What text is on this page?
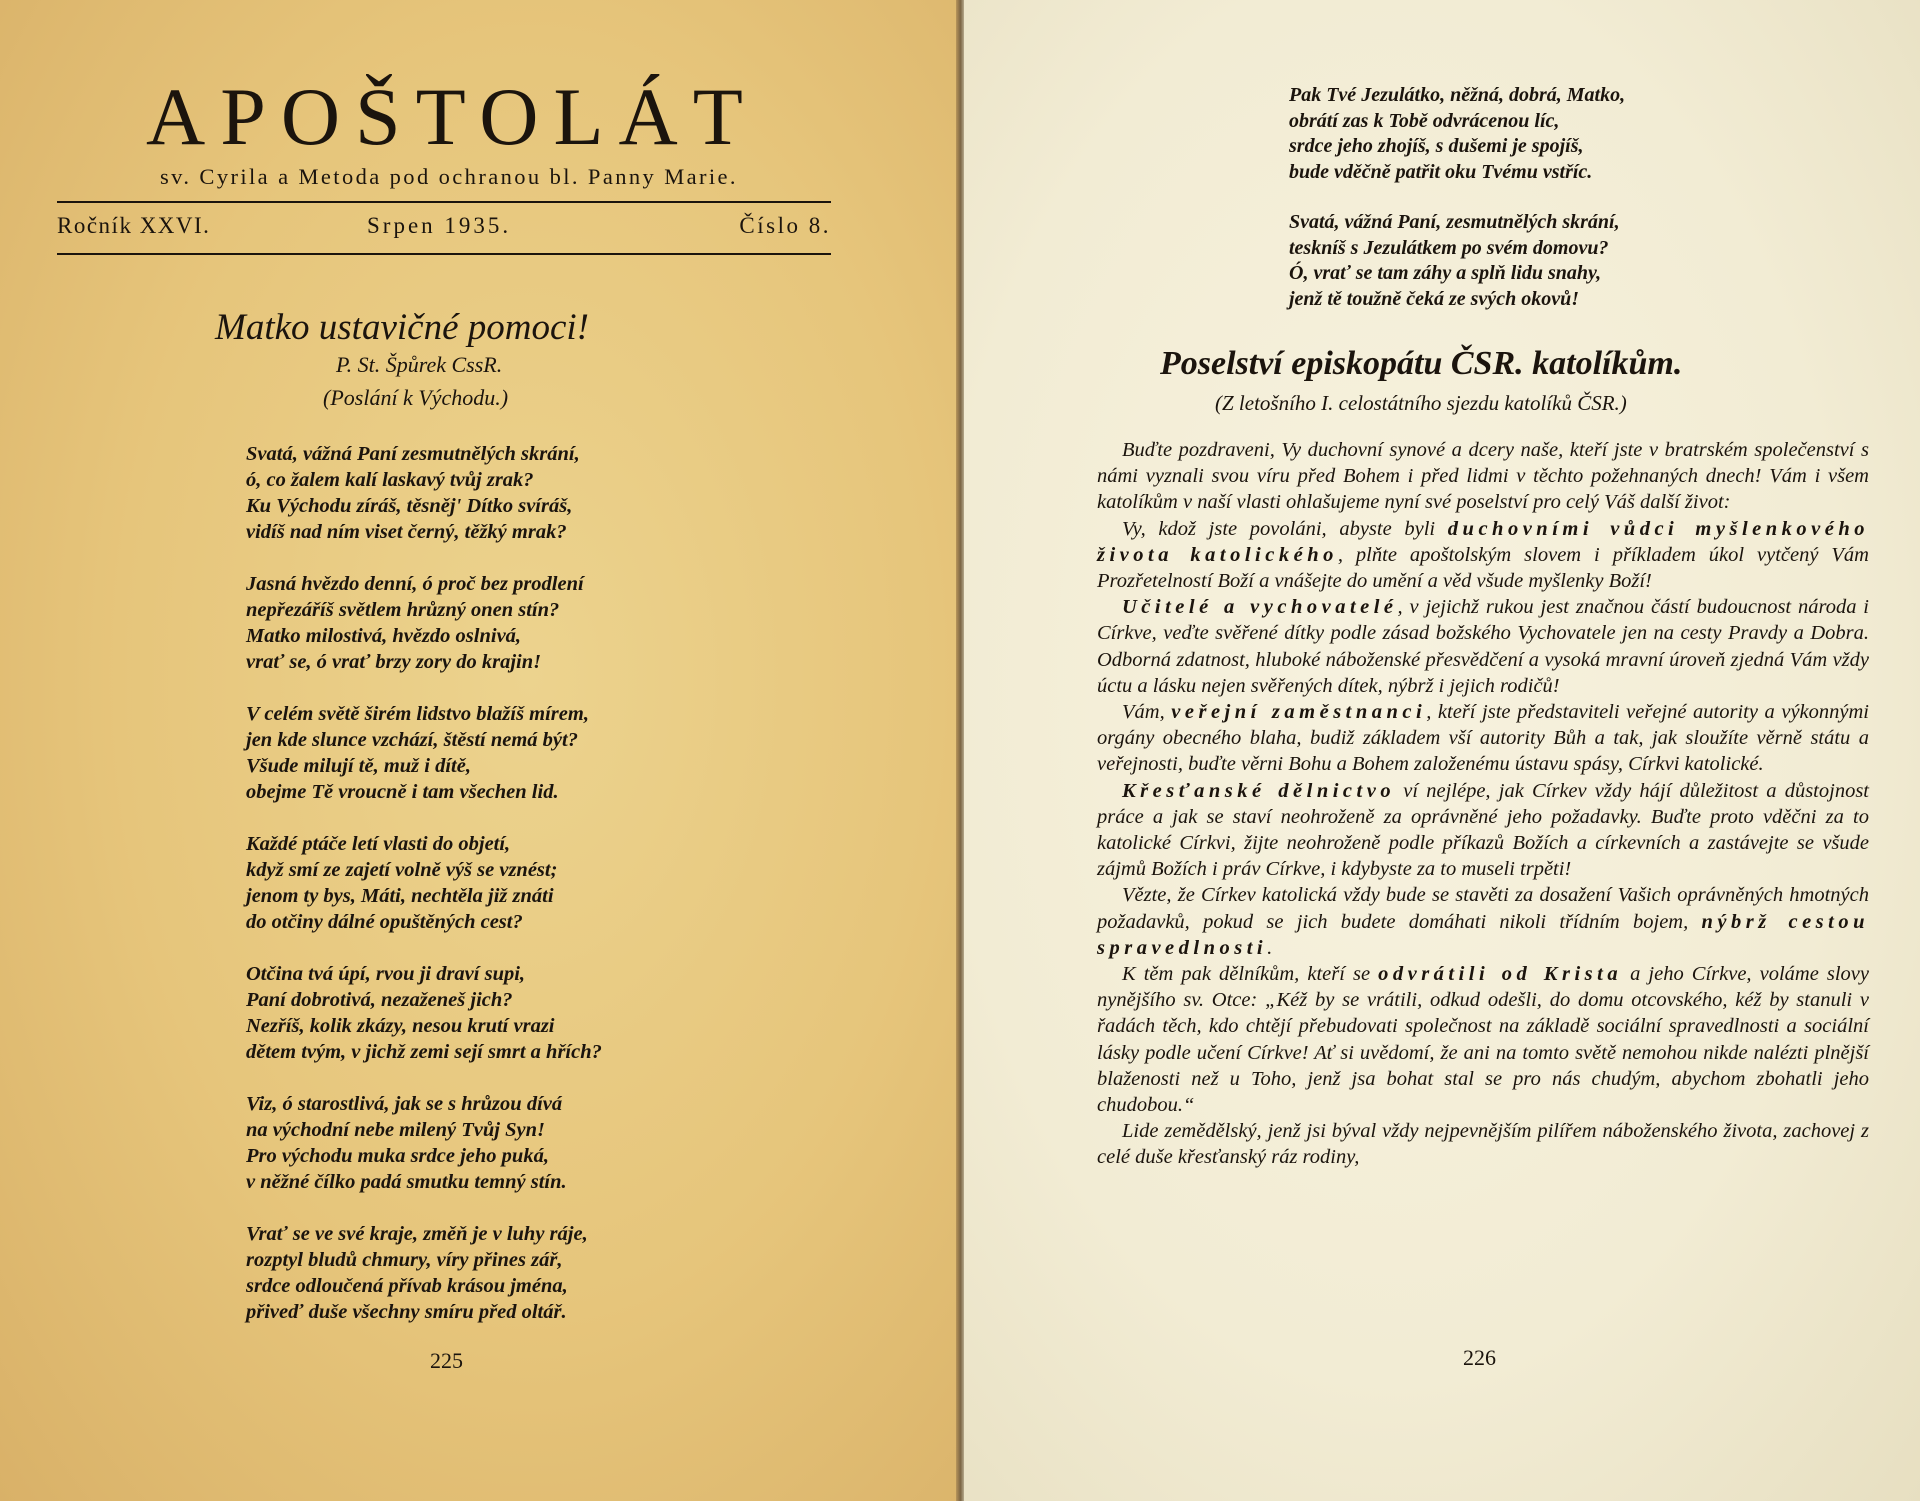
APOŠTOLÁT
sv. Cyrila a Metoda pod ochranou bl. Panny Marie.
Ročník XXVI.	Srpen 1935.	Číslo 8.
Matko ustavičné pomoci!
P. St. Špůrek CssR.
(Poslání k Východu.)
Svatá, vážná Paní zesmutnělých skrání,
ó, co žalem kalí laskavý tvůj zrak?
Ku Východu zíráš, těsněj' Dítko svíráš,
vidíš nad ním viset černý, těžký mrak?
Jasná hvězdo denní, ó proč bez prodlení
nepřezáříš světlem hrůzný onen stín?
Matko milostivá, hvězdo oslnivá,
vrať se, ó vrať brzy zory do krajin!
V celém světě širém lidstvo blažíš mírem,
jen kde slunce vzchází, štěstí nemá být?
Všude milují tě, muž i dítě,
obejme Tě vroucně i tam všechen lid.
Každé ptáče letí vlasti do objetí,
když smí ze zajetí volně výš se vznést;
jenom ty bys, Máti, nechtěla již znáti
do otčiny dálné opuštěných cest?
Otčina tvá úpí, rvou ji draví supi,
Paní dobrotivá, nezaženeš jich?
Nezříš, kolik zkázy, nesou krutí vrazi
dětem tvým, v jichž zemi sejí smrt a hřích?
Viz, ó starostlivá, jak se s hrůzou dívá
na východní nebe milený Tvůj Syn!
Pro východu muka srdce jeho puká,
v něžné čílko padá smutku temný stín.
Vrať se ve své kraje, změň je v luhy ráje,
rozptyl bludů chmury, víry přines zář,
srdce odloučená přívab krásou jména,
přiveď duše všechny smíru před oltář.
225
Pak Tvé Jezulátko, něžná, dobrá, Matko,
obrátí zas k Tobě odvrácenou líc,
srdce jeho zhojíš, s dušemi je spojíš,
bude vděčně patřit oku Tvému vstříc.
Svatá, vážná Paní, zesmutnělých skrání,
teskníš s Jezulátkem po svém domovu?
Ó, vrať se tam záhy a splň lidu snahy,
jenž tě toužně čeká ze svých okovů!
Poselství episkopátu ČSR. katolíkům.
(Z letošního I. celostátního sjezdu katolíků ČSR.)

Buďte pozdraveni, Vy duchovní synové a dcery naše, kteří jste v bratrském společenství s námi vyznali svou víru před Bohem i před lidmi v těchto požehnaných dnech! Vám i všem katolíkům v naší vlasti ohlašujeme nyní své poselství pro celý Váš další život:

Vy, kdož jste povoláni, abyste byli duchovními vůdci myšlenkového života katolického, plňte apoštolským slovem i příkladem úkol vytčený Vám Prozřetelností Boží a vnášejte do umění a věd všude myšlenky Boží!

Učitelé a vychovatelé, v jejichž rukou jest značnou částí budoucnost národa i Církve, veďte svěřené dítky podle zásad božského Vychovatele jen na cesty Pravdy a Dobra. Odborná zdatnost, hluboké náboženské přesvědčení a vysoká mravní úroveň zjedná Vám vždy úctu a lásku nejen svěřených dítek, nýbrž i jejich rodičů!

Vám, veřejní zaměstnanci, kteří jste představiteli veřejné autority a výkonnými orgány obecného blaha, budiž základem vší autority Bůh a tak, jak sloužíte věrně státu a veřejnosti, buďte věrni Bohu a Bohem založenému ústavu spásy, Církvi katolické.

Křesťanské dělnictvo ví nejlépe, jak Církev vždy hájí důležitost a důstojnost práce a jak se staví neohroženě za oprávněné jeho požadavky. Buďte proto vděčni za to katolické Církvi, žijte neohroženě podle příkazů Božích a církevních a zastávejte se všude zájmů Božích i práv Církve, i kdybyste za to museli trpěti!

Vězte, že Církev katolická vždy bude se stavěti za dosažení Vašich oprávněných hmotných požadavků, pokud se jich budete domáhati nikoli třídním bojem, nýbrž cestou spravedlnosti.

K těm pak dělníkům, kteří se odvrátili od Krista a jeho Církve, voláme slovy nynějšího sv. Otce: „Kéž by se vrátili, odkud odešli, do domu otcovského, kéž by stanuli v řadách těch, kdo chtějí přebudovati společnost na základě sociální spravedlnosti a sociální lásky podle učení Církve! Ať si uvědomí, že ani na tomto světě nemohou nikde nalézti plnější blaženosti než u Toho, jenž jsa bohat stal se pro nás chudým, abychom zbohatli jeho chudobou.“

Lide zemědělský, jenž jsi býval vždy nejpevnějším pilířem náboženského života, zachovej z celé duše křesťanský ráz rodiny,

226
